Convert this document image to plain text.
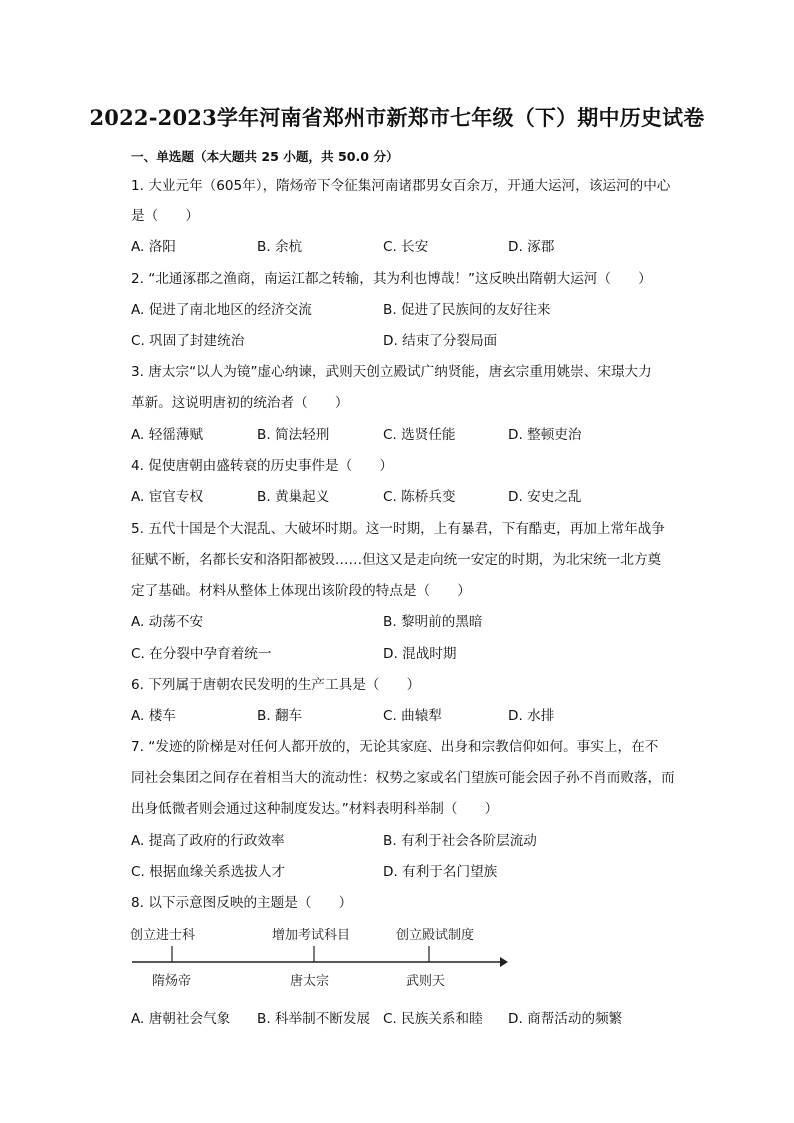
2022-2023学年河南省郑州市新郑市七年级（下）期中历史试卷
一、单选题（本大题共 25 小题，共 50.0 分）
1. 大业元年（605年），隋炀帝下令征集河南诸郡男女百余万，开通大运河，该运河的中心
是（　　）
A. 洛阳	B. 余杭	C. 长安	D. 涿郡
2. “北通涿郡之渔商，南运江都之转输，其为利也博哉！”这反映出隋朝大运河（　　）
A. 促进了南北地区的经济交流	B. 促进了民族间的友好往来
C. 巩固了封建统治	D. 结束了分裂局面
3. 唐太宗“以人为镜”虚心纳谏，武则天创立殿试广纳贤能，唐玄宗重用姚崇、宋璟大力
革新。这说明唐初的统治者（　　）
A. 轻徭薄赋	B. 简法轻刑	C. 选贤任能	D. 整顿吏治
4. 促使唐朝由盛转衰的历史事件是（　　）
A. 宦官专权	B. 黄巢起义	C. 陈桥兵变	D. 安史之乱
5. 五代十国是个大混乱、大破坏时期。这一时期，上有暴君，下有酷吏，再加上常年战争
征赋不断，名都长安和洛阳都被毁……但这又是走向统一安定的时期，为北宋统一北方奠
定了基础。材料从整体上体现出该阶段的特点是（　　）
A. 动荡不安	B. 黎明前的黑暗
C. 在分裂中孕育着统一	D. 混战时期
6. 下列属于唐朝农民发明的生产工具是（　　）
A. 楼车	B. 翻车	C. 曲辕犁	D. 水排
7. “发迹的阶梯是对任何人都开放的，无论其家庭、出身和宗教信仰如何。事实上，在不
同社会集团之间存在着相当大的流动性：权势之家或名门望族可能会因子孙不肖而败落，而
出身低微者则会通过这种制度发达。”材料表明科举制（　　）
A. 提高了政府的行政效率	B. 有利于社会各阶层流动
C. 根据血缘关系选拔人才	D. 有利于名门望族
8. 以下示意图反映的主题是（　　）
创立进士科	增加考试科目	创立殿试制度
隋炀帝	唐太宗	武则天
A. 唐朝社会气象 B. 科举制不断发展 C. 民族关系和睦 D. 商帮活动的频繁
